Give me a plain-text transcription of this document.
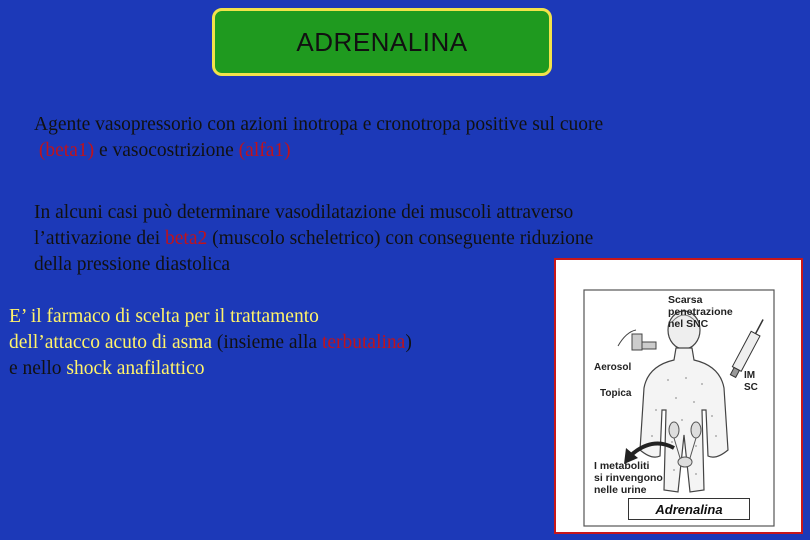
ADRENALINA

Agente vasopressorio con azioni inotropa e cronotropa positive sul cuore
(beta1) e vasocostrizione (alfa1)

In alcuni casi può determinare vasodilatazione dei muscoli attraverso
l’attivazione dei beta2 (muscolo scheletrico) con conseguente riduzione
della pressione diastolica

E’ il farmaco di scelta per il trattamento
dell’attacco acuto di asma (insieme alla terbutalina)
e nello shock anafilattico

Scarsa
penetrazione
nel SNC
Aerosol
Topica
IM
SC
I metaboliti
si rinvengono
nelle urine
Adrenalina
